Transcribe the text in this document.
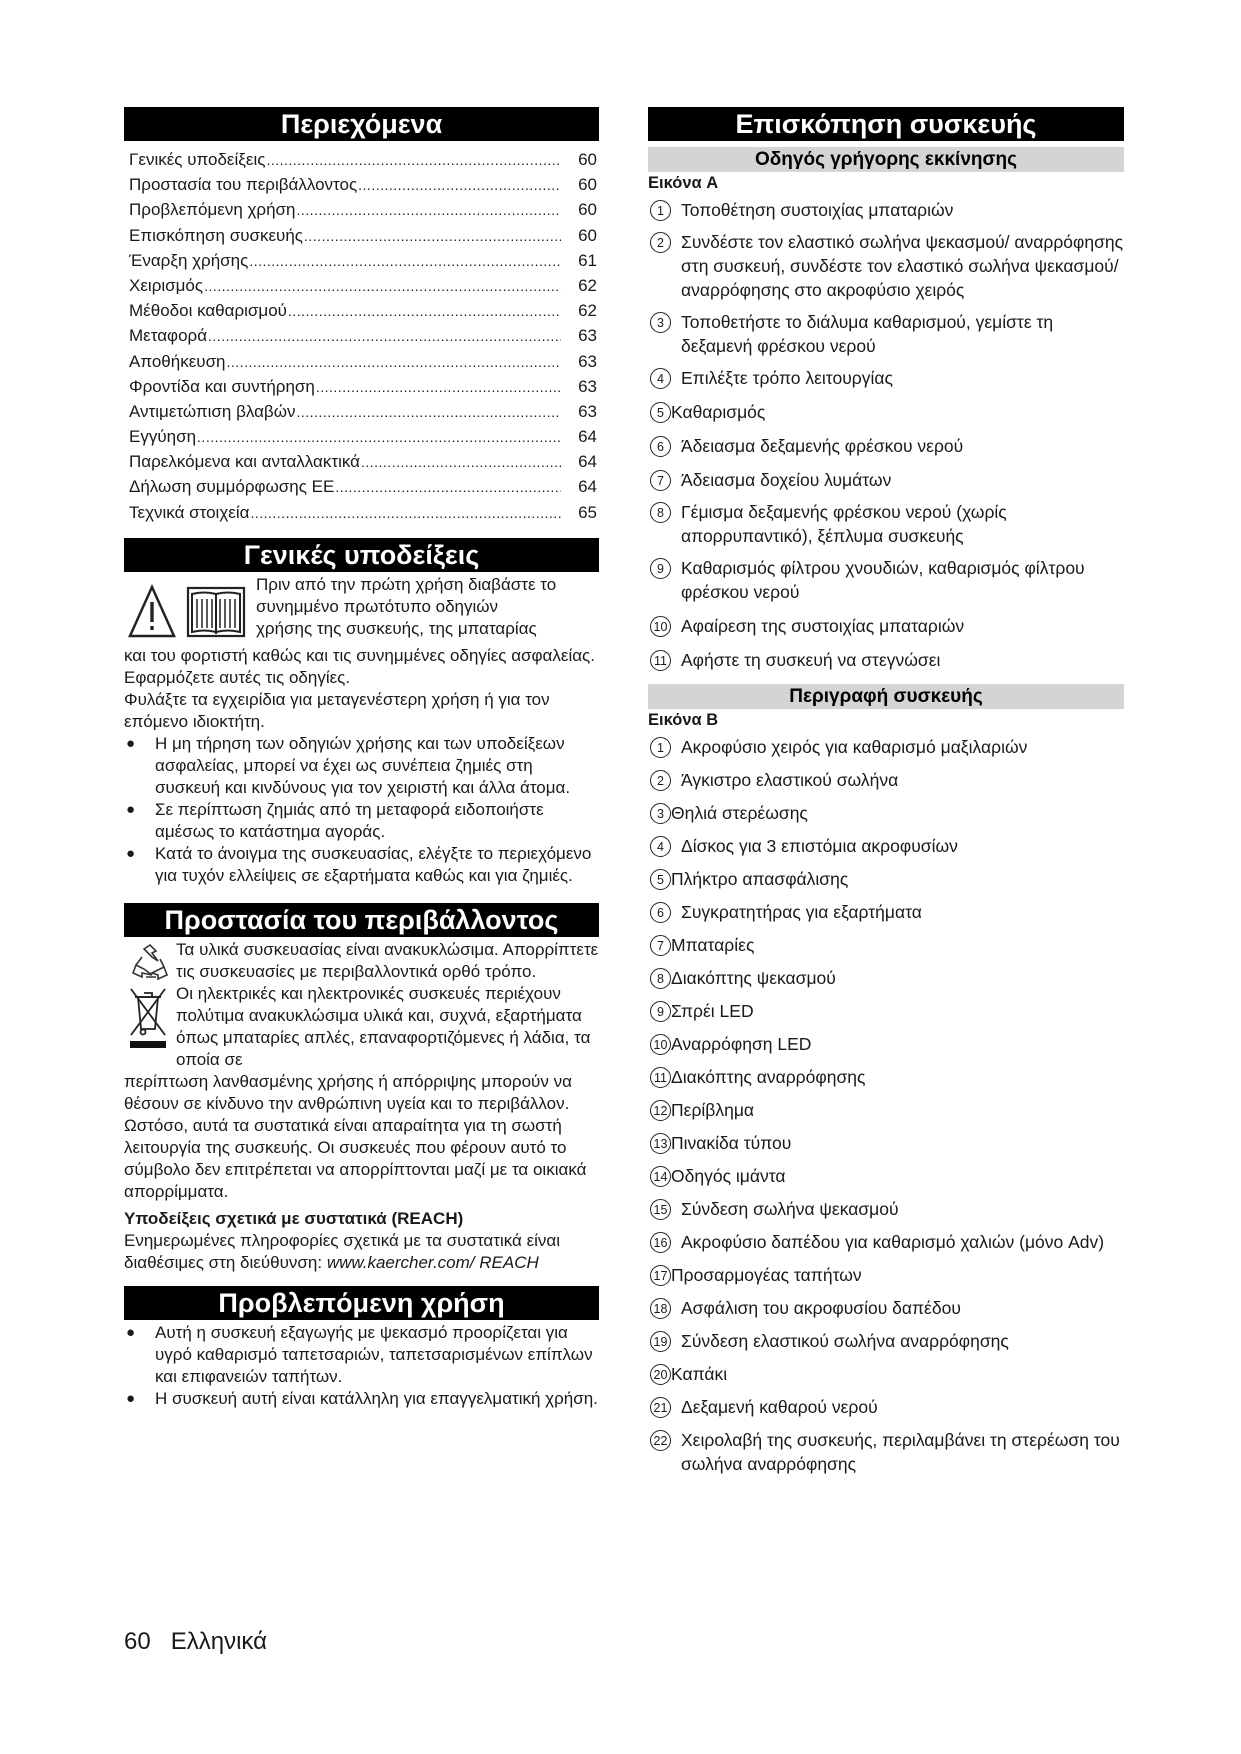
Περιεχόμενα
Γενικές υποδείξεις .....	60
Προστασία του περιβάλλοντος .....	60
Προβλεπόμενη χρήση .....	60
Επισκόπηση συσκευής .....	60
Έναρξη χρήσης .....	61
Χειρισμός .....	62
Μέθοδοι καθαρισμού .....	62
Μεταφορά .....	63
Αποθήκευση .....	63
Φροντίδα και συντήρηση .....	63
Αντιμετώπιση βλαβών .....	63
Εγγύηση .....	64
Παρελκόμενα και ανταλλακτικά .....	64
Δήλωση συμμόρφωσης ΕΕ .....	64
Τεχνικά στοιχεία .....	65
Γενικές υποδείξεις

Πριν από την πρώτη χρήση διαβάστε το

συνημμένο πρωτότυπο οδηγιών

χρήσης της συσκευής, της μπαταρίας

και του φορτιστή καθώς και τις συνημμένες οδηγίες ασφαλείας. Εφαρμόζετε αυτές τις οδηγίες.

Φυλάξτε τα εγχειρίδια για μεταγενέστερη χρήση ή για τον επόμενο ιδιοκτήτη.

● Η μη τήρηση των οδηγιών χρήσης και των υποδείξεων ασφαλείας, μπορεί να έχει ως συνέπεια ζημιές στη συσκευή και κινδύνους για τον χειριστή και άλλα άτομα.
● Σε περίπτωση ζημιάς από τη μεταφορά ειδοποιήστε αμέσως το κατάστημα αγοράς.
● Κατά το άνοιγμα της συσκευασίας, ελέγξτε το περιεχόμενο για τυχόν ελλείψεις σε εξαρτήματα καθώς και για ζημιές.
Προστασία του περιβάλλοντος

Τα υλικά συσκευασίας είναι ανακυκλώσιμα. Απορρίπτετε τις συσκευασίες με περιβαλλοντικά ορθό τρόπο.

Οι ηλεκτρικές και ηλεκτρονικές συσκευές περιέχουν πολύτιμα ανακυκλώσιμα υλικά και, συχνά, εξαρτήματα όπως μπαταρίες απλές, επαναφορτιζόμενες ή λάδια, τα οποία σε

περίπτωση λανθασμένης χρήσης ή απόρριψης μπορούν να θέσουν σε κίνδυνο την ανθρώπινη υγεία και το περιβάλλον. Ωστόσο, αυτά τα συστατικά είναι απαραίτητα για τη σωστή λειτουργία της συσκευής. Οι συσκευές που φέρουν αυτό το σύμβολο δεν επιτρέπεται να απορρίπτονται μαζί με τα οικιακά απορρίμματα.

Υποδείξεις σχετικά με συστατικά (REACH)

Ενημερωμένες πληροφορίες σχετικά με τα συστατικά είναι διαθέσιμες στη διεύθυνση: www.kaercher.com/ REACH

Προβλεπόμενη χρήση
● Αυτή η συσκευή εξαγωγής με ψεκασμό προορίζεται για υγρό καθαρισμό ταπετσαριών, ταπετσαρισμένων επίπλων και επιφανειών ταπήτων.
● Η συσκευή αυτή είναι κατάλληλη για επαγγελματική χρήση.
Επισκόπηση συσκευής
Οδηγός γρήγορης εκκίνησης
Εικόνα A
1 Τοποθέτηση συστοιχίας μπαταριών
2 Συνδέστε τον ελαστικό σωλήνα ψεκασμού/ αναρρόφησης στη συσκευή, συνδέστε τον ελαστικό σωλήνα ψεκασμού/αναρρόφησης στο ακροφύσιο χειρός
3 Τοποθετήστε το διάλυμα καθαρισμού, γεμίστε τη δεξαμενή φρέσκου νερού
4 Επιλέξτε τρόπο λειτουργίας
5 Καθαρισμός
6 Άδειασμα δεξαμενής φρέσκου νερού
7 Άδειασμα δοχείου λυμάτων
8 Γέμισμα δεξαμενής φρέσκου νερού (χωρίς απορρυπαντικό), ξέπλυμα συσκευής
9 Καθαρισμός φίλτρου χνουδιών, καθαρισμός φίλτρου φρέσκου νερού
10 Αφαίρεση της συστοιχίας μπαταριών
11 Αφήστε τη συσκευή να στεγνώσει
Περιγραφή συσκευής
Εικόνα B
1 Ακροφύσιο χειρός για καθαρισμό μαξιλαριών
2 Άγκιστρο ελαστικού σωλήνα
3 Θηλιά στερέωσης
4 Δίσκος για 3 επιστόμια ακροφυσίων
5 Πλήκτρο απασφάλισης
6 Συγκρατητήρας για εξαρτήματα
7 Μπαταρίες
8 Διακόπτης ψεκασμού
9 Σπρέι LED
10 Αναρρόφηση LED
11 Διακόπτης αναρρόφησης
12 Περίβλημα
13 Πινακίδα τύπου
14 Οδηγός ιμάντα
15 Σύνδεση σωλήνα ψεκασμού
16 Ακροφύσιο δαπέδου για καθαρισμό χαλιών (μόνο Adv)
17 Προσαρμογέας ταπήτων
18 Ασφάλιση του ακροφυσίου δαπέδου
19 Σύνδεση ελαστικού σωλήνα αναρρόφησης
20 Καπάκι
21 Δεξαμενή καθαρού νερού
22 Χειρολαβή της συσκευής, περιλαμβάνει τη στερέωση του σωλήνα αναρρόφησης
60 Ελληνικά
